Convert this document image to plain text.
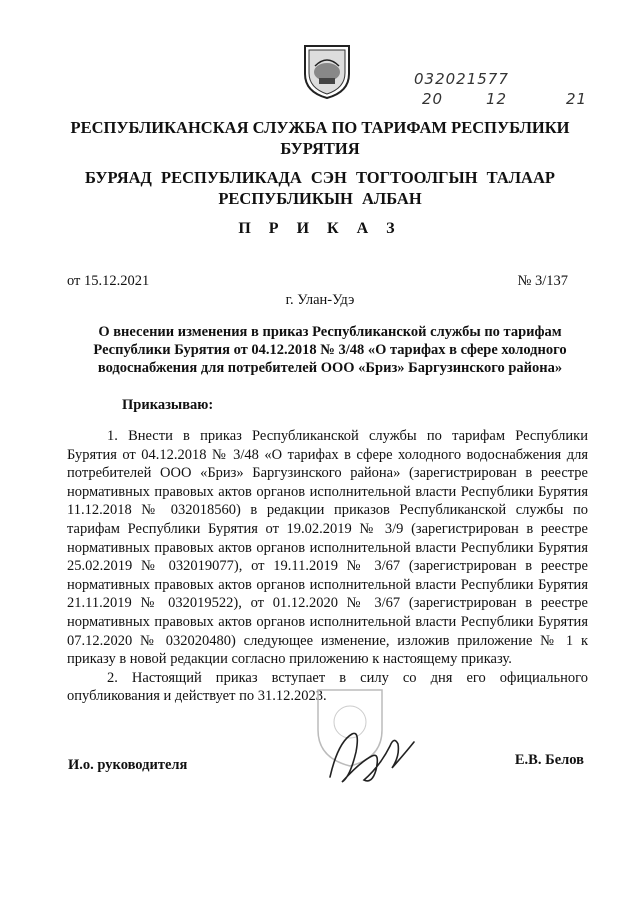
032021577
20	12	21
РЕСПУБЛИКАНСКАЯ СЛУЖБА ПО ТАРИФАМ РЕСПУБЛИКИ БУРЯТИЯ
БУРЯАД РЕСПУБЛИКАДА СЭН ТОГТООЛГЫН ТАЛААР РЕСПУБЛИКЫН АЛБАН
П Р И К А З
от 15.12.2021	№ 3/137
г. Улан-Удэ
О внесении изменения в приказ Республиканской службы по тарифам Республики Бурятия от 04.12.2018 № 3/48 «О тарифах в сфере холодного водоснабжения для потребителей ООО «Бриз» Баргузинского района»
Приказываю:

1. Внести в приказ Республиканской службы по тарифам Республики Бурятия от 04.12.2018 № 3/48 «О тарифах в сфере холодного водоснабжения для потребителей ООО «Бриз» Баргузинского района» (зарегистрирован в реестре нормативных правовых актов органов исполнительной власти Республики Бурятия 11.12.2018 № 032018560) в редакции приказов Республиканской службы по тарифам Республики Бурятия от 19.02.2019 № 3/9 (зарегистрирован в реестре нормативных правовых актов органов исполнительной власти Республики Бурятия 25.02.2019 № 032019077), от 19.11.2019 № 3/67 (зарегистрирован в реестре нормативных правовых актов органов исполнительной власти Республики Бурятия 21.11.2019 № 032019522), от 01.12.2020 № 3/67 (зарегистрирован в реестре нормативных правовых актов органов исполнительной власти Республики Бурятия 07.12.2020 № 032020480) следующее изменение, изложив приложение № 1 к приказу в новой редакции согласно приложению к настоящему приказу.

2. Настоящий приказ вступает в силу со дня его официального опубликования и действует по 31.12.2023.

И.о. руководителя	Е.В. Белов
